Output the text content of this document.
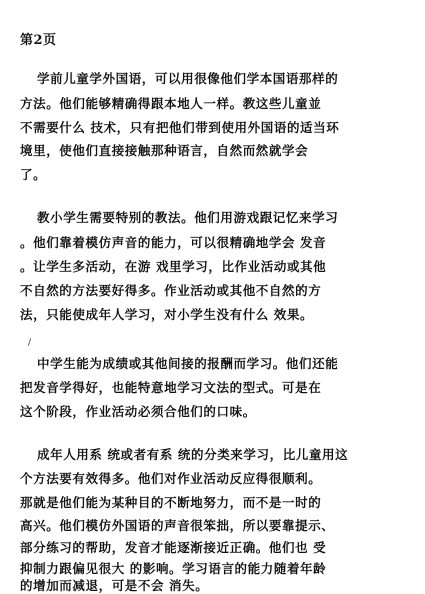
第2页
学前儿童学外国语，可以用很像他们学本国语那样的
方法。他们能够精确得跟本地人一样。教这些儿童並
不需要什么 技术，只有把他们带到使用外国语的适当环
境里，使他们直接接触那种语言，自然而然就学会
了。
教小学生需要特别的教法。他们用游戏跟记忆来学习
。他们靠着模仿声音的能力，可以很精确地学会 发音
。让学生多活动，在游 戏里学习，比作业活动或其他
不自然的方法要好得多。作业活动或其他不自然的方
法，只能使成年人学习，对小学生没有什么 效果。
/
中学生能为成绩或其他间接的报酬而学习。他们还能
把发音学得好，也能特意地学习文法的型式。可是在
这个阶段，作业活动必须合他们的口味。
成年人用系 统或者有系 统的分类来学习，比儿童用这
个方法要有效得多。他们对作业活动反应得很顺利。
那就是他们能为某种目的不断地努力，而不是一时的
高兴。他们模仿外国语的声音很笨拙，所以要靠提示、
部分练习的帮助，发音才能逐渐接近正确。他们也 受
抑制力跟偏见很大 的影响。学习语言的能力随着年龄
的增加而减退，可是不会 消失。
